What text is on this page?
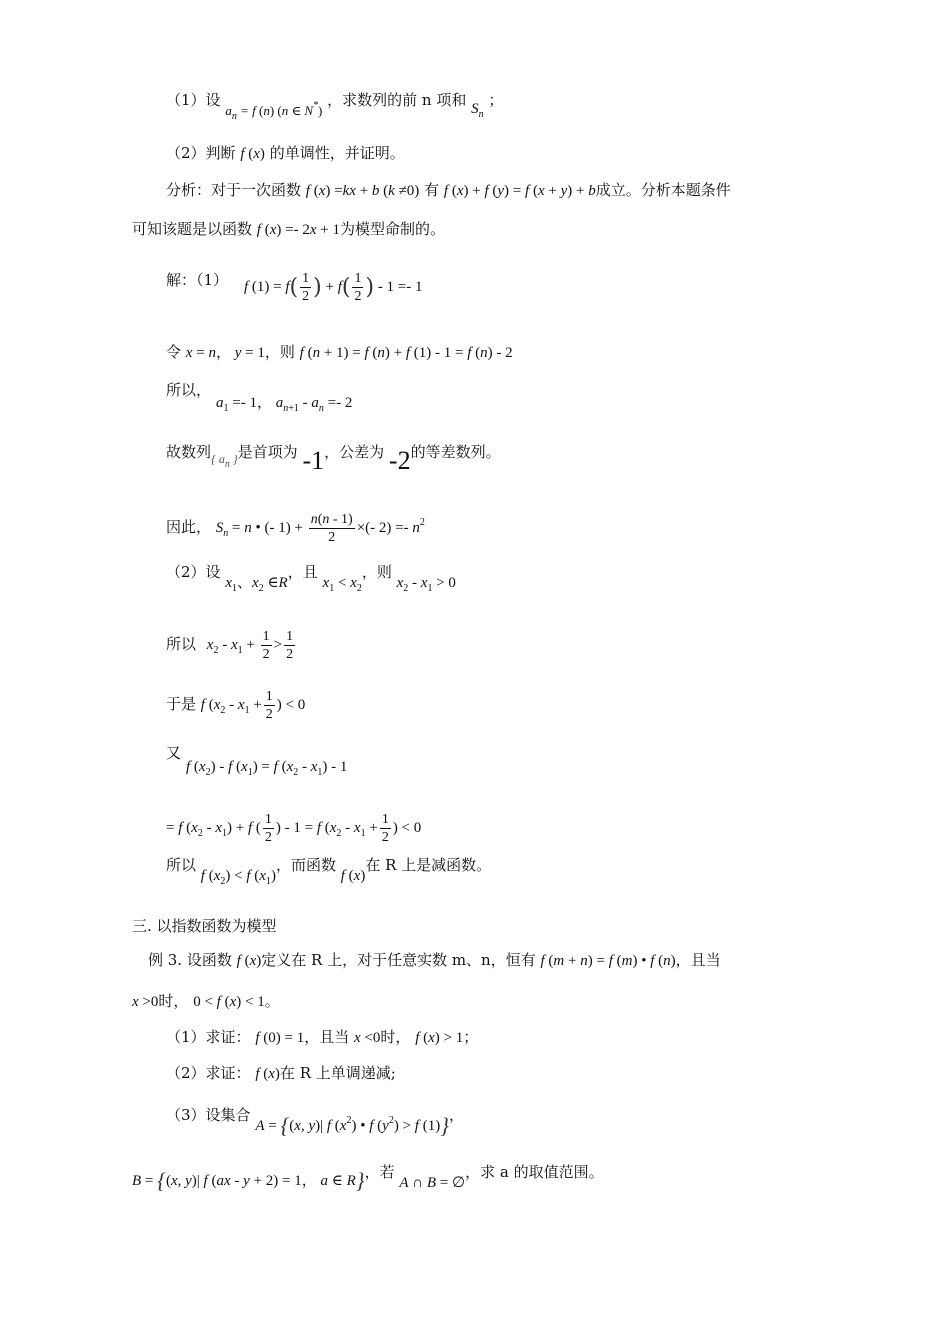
（1）设 $a_n = f$ (n) (n ∈ N*) ，求数列的前 n 项和 $S_n$ ；
（2）判断 f (x) 的单调性，并证明。
分析：对于一次函数 f (x) =kx + b (k ≠0) 有 f (x) + f (y) = f (x + y) + b成立。分析本题条件
可知该题是以函数 f (x) =- 2x + 1为模型命制的。
解：（1） f $(1) = f( \frac{1}{2}$ ) + $f( \frac{1}{2}$ ) - 1 =- 1
令 x = n， y = 1，则 f (n + 1) = f (n) + f (1) - 1 = f (n) - 2
所以，
$a_1 =- 1$， $a_{n+1} - a_n =- 2$
故数列$_{\{ a_n \}}$是首项为 -1，公差为 -2的等差数列。
因此， $S_n = n$ • (- $1) + \frac{n(n - 1)}{2}$ ×(- $2) =- n^2$
（2）设 $x_1$、$x_2$ ∈R，且 $x_1 < x_2$，则 $x_2 - x_1 > 0$
所以 $x_2 - x_1 + \frac{1}{2} > \frac{1}{2}$
于是 f ($x_2 - x_1 + \frac{1}{2}$ ) < 0
又
f $(x_2)$ - f $(x_1) = f$ $(x_2 - x_1) - 1$
= f $(x_2 - x_1) + f$ ( $\frac{1}{2}$ ) - 1 = f ($x_2 - x_1 + \frac{1}{2}$ ) < 0
所以 f $(x_2) < f$ $(x_1)$，而函数 f (x)在 R 上是减函数。
三. 以指数函数为模型
例 3. 设函数 f (x)定义在 R 上，对于任意实数 m、n，恒有 f (m + n) = f (m) • f (n)，且当
x >0时， 0 < f (x) < 1。
（1）求证： f (0) = 1，且当 x <0时， f (x) > 1；
（2）求证： f (x)在 R 上单调递减;
（3）设集合 A = {(x, y)| f $(x^2)$ • f $(y^2) > f$ (1)}，
B = {(x, y)| f (ax - y + 2) = 1， a ∈ R}，若 A ∩ B = ∅，求 a 的取值范围。
